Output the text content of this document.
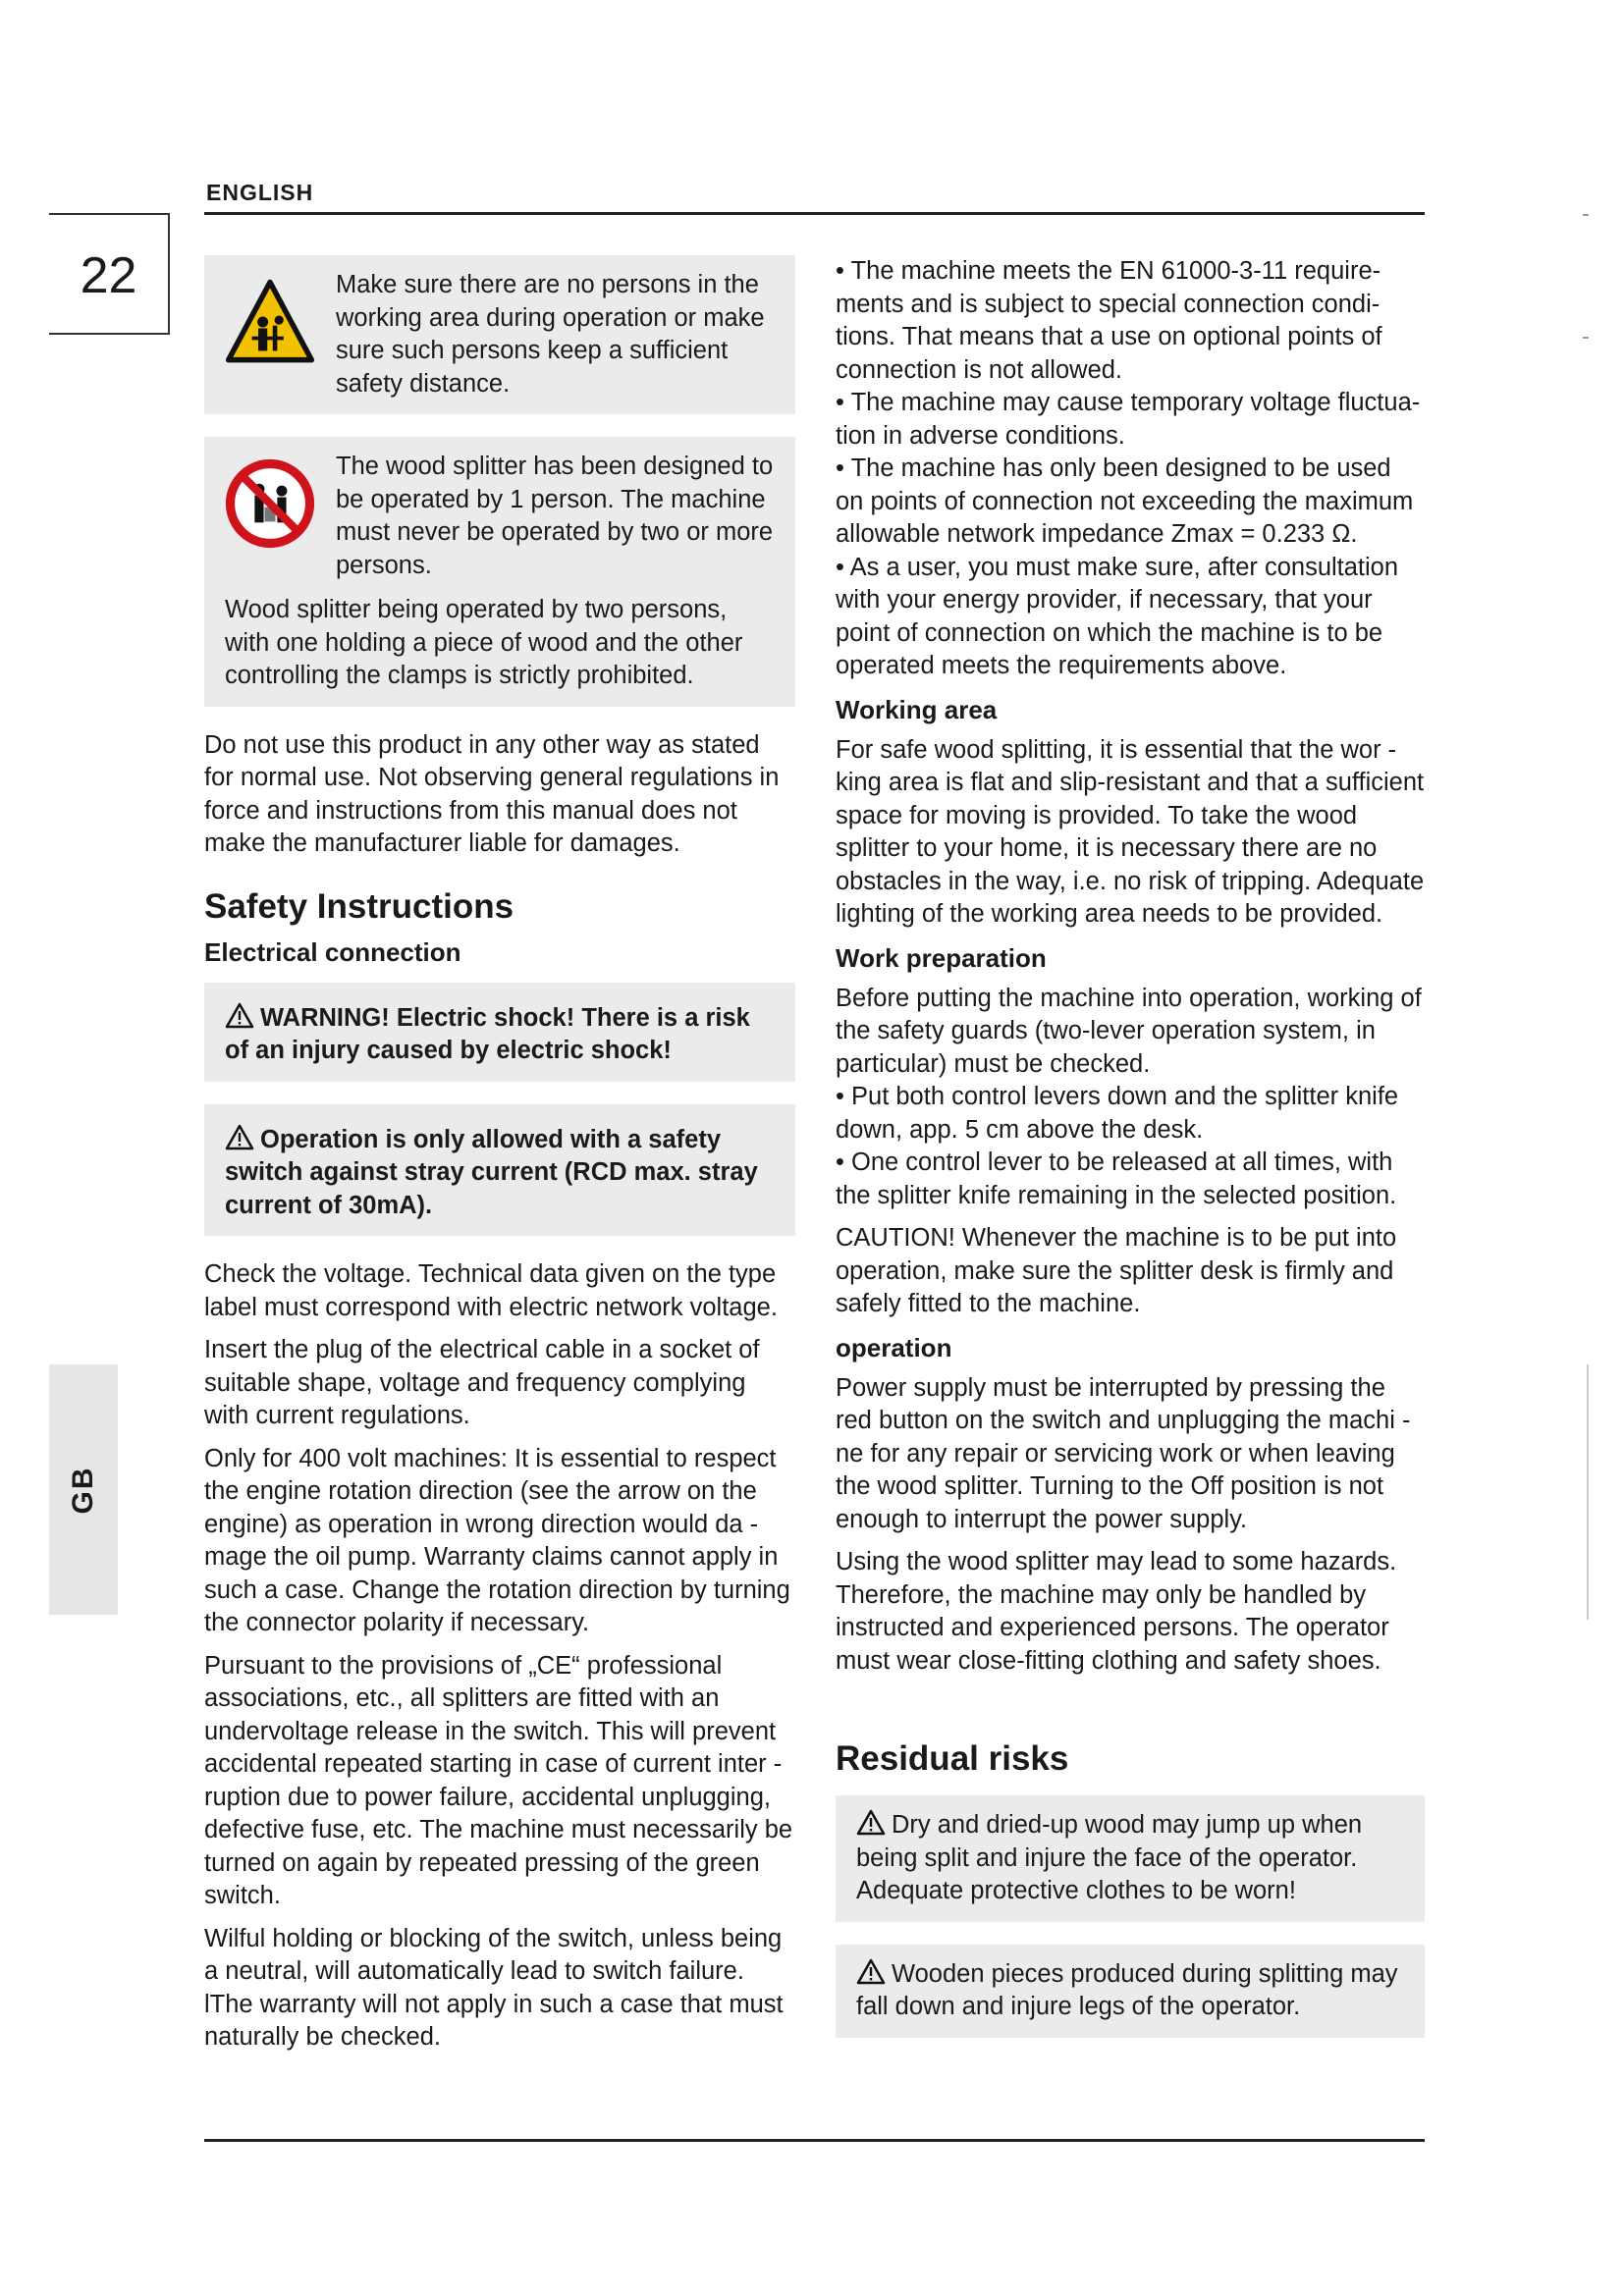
ENGLISH
22
GB

Make sure there are no persons in the working area during operation or make sure such persons keep a sufficient safety distance.

The wood splitter has been designed to be operated by 1 person. The machine must never be operated by two or more persons.

Wood splitter being operated by two persons, with one holding a piece of wood and the other controlling the clamps is strictly prohibited.

Do not use this product in any other way as stated for normal use. Not observing general regulations in force and instructions from this manual does not make the manufacturer liable for damages.

Safety Instructions
Electrical connection

WARNING! Electric shock! There is a risk of an injury caused by electric shock!

Operation is only allowed with a safety switch against stray current (RCD max. stray current of 30mA).

Check the voltage. Technical data given on the type label must correspond with electric network voltage.

Insert the plug of the electrical cable in a socket of suitable shape, voltage and frequency complying with current regulations.

Only for 400 volt machines: It is essential to respect the engine rotation direction (see the arrow on the engine) as operation in wrong direction would da - mage the oil pump. Warranty claims cannot apply in such a case. Change the rotation direction by turning the connector polarity if necessary.

Pursuant to the provisions of „CE“ professional associations, etc., all splitters are fitted with an undervoltage release in the switch. This will prevent accidental repeated starting in case of current inter - ruption due to power failure, accidental unplugging, defective fuse, etc. The machine must necessarily be turned on again by repeated pressing of the green switch.

Wilful holding or blocking of the switch, unless being a neutral, will automatically lead to switch failure. lThe warranty will not apply in such a case that must naturally be checked.

• The machine meets the EN 61000-3-11 require- ments and is subject to special connection condi- tions. That means that a use on optional points of connection is not allowed.

• The machine may cause temporary voltage fluctua- tion in adverse conditions.

• The machine has only been designed to be used on points of connection not exceeding the maximum allowable network impedance Zmax = 0.233 Ω.

• As a user, you must make sure, after consultation with your energy provider, if necessary, that your point of connection on which the machine is to be operated meets the requirements above.

Working area

For safe wood splitting, it is essential that the wor - king area is flat and slip-resistant and that a sufficient space for moving is provided. To take the wood splitter to your home, it is necessary there are no obstacles in the way, i.e. no risk of tripping. Adequate lighting of the working area needs to be provided.

Work preparation

Before putting the machine into operation, working of the safety guards (two-lever operation system, in particular) must be checked.

• Put both control levers down and the splitter knife down, app. 5 cm above the desk.

• One control lever to be released at all times, with the splitter knife remaining in the selected position.

CAUTION! Whenever the machine is to be put into operation, make sure the splitter desk is firmly and safely fitted to the machine.

operation

Power supply must be interrupted by pressing the red button on the switch and unplugging the machi - ne for any repair or servicing work or when leaving the wood splitter. Turning to the Off position is not enough to interrupt the power supply.

Using the wood splitter may lead to some hazards. Therefore, the machine may only be handled by instructed and experienced persons. The operator must wear close-fitting clothing and safety shoes.

Residual risks

Dry and dried-up wood may jump up when being split and injure the face of the operator. Adequate protective clothes to be worn!

Wooden pieces produced during splitting may fall down and injure legs of the operator.
